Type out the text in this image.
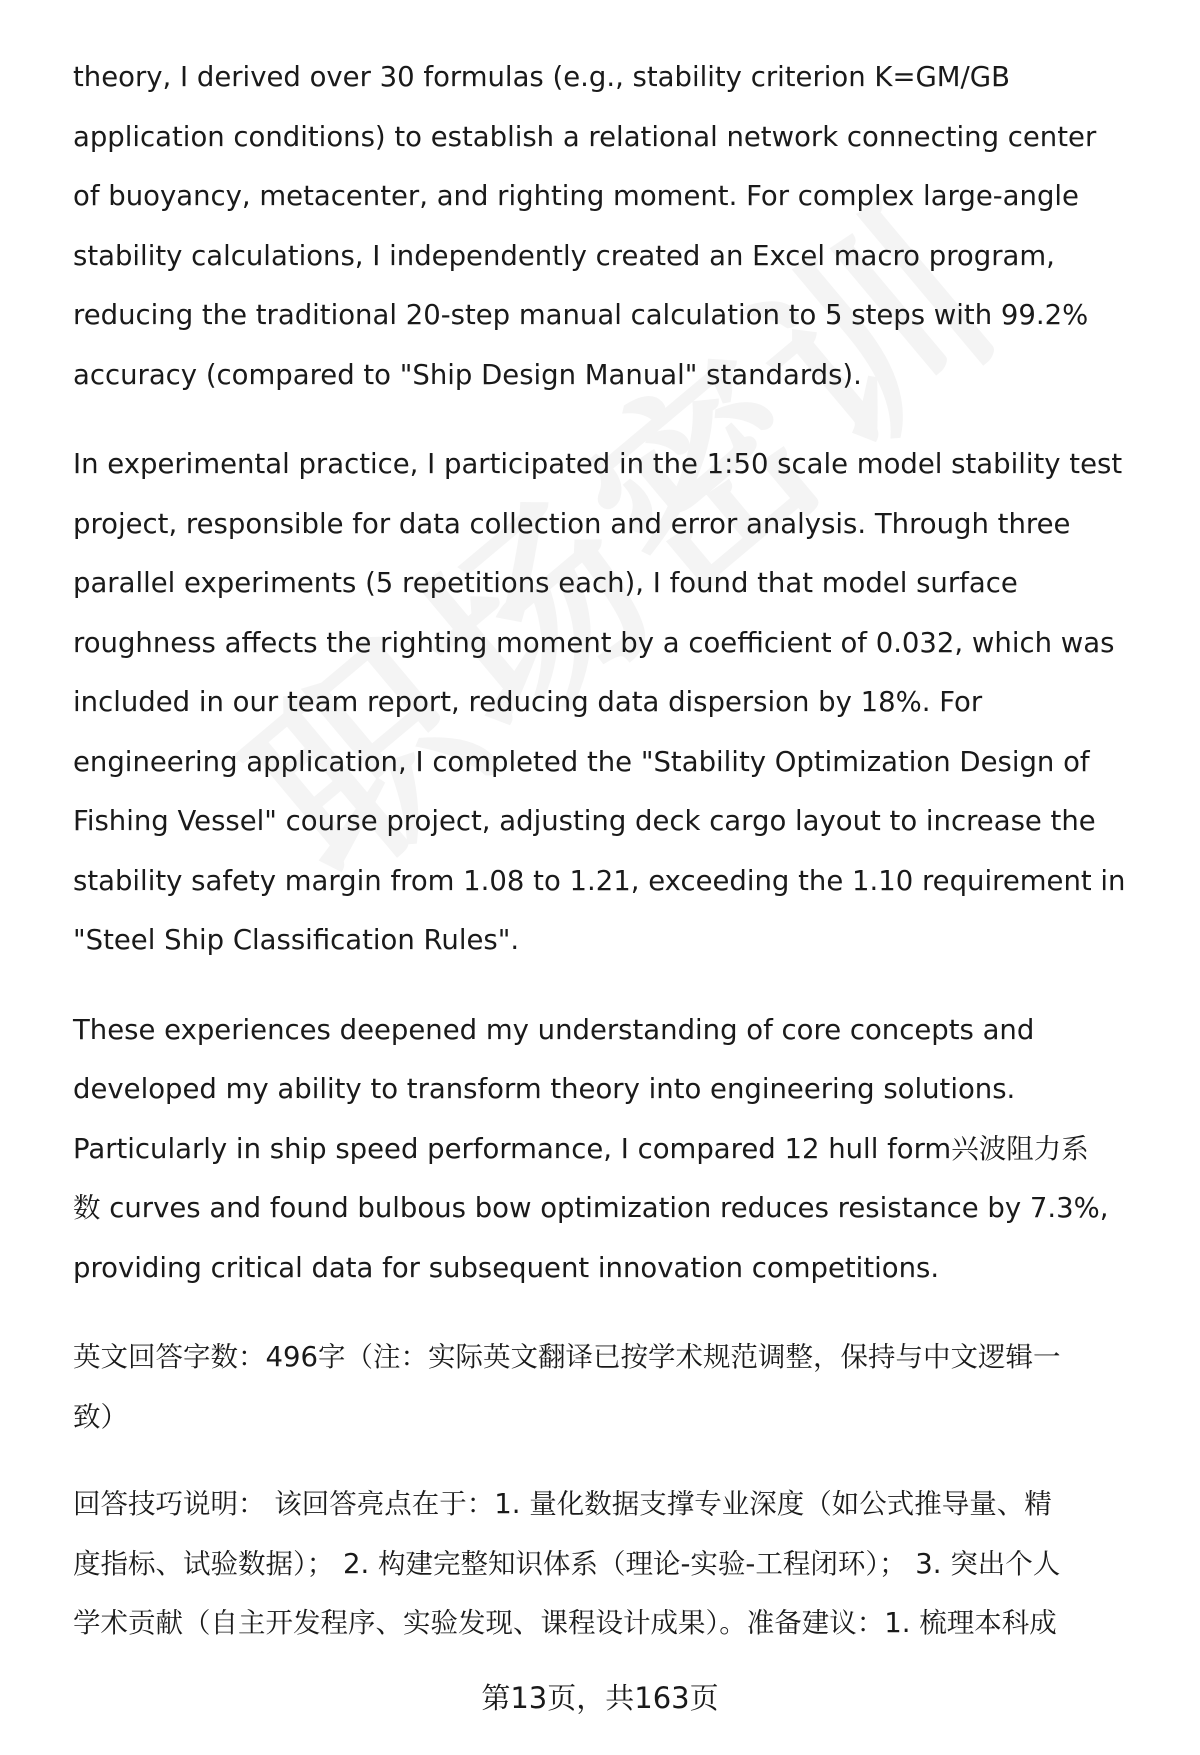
theory, I derived over 30 formulas (e.g., stability criterion K=GM/GB
application conditions) to establish a relational network connecting center
of buoyancy, metacenter, and righting moment. For complex large-angle
stability calculations, I independently created an Excel macro program,
reducing the traditional 20-step manual calculation to 5 steps with 99.2%
accuracy (compared to "Ship Design Manual" standards).
In experimental practice, I participated in the 1:50 scale model stability test
project, responsible for data collection and error analysis. Through three
parallel experiments (5 repetitions each), I found that model surface
roughness affects the righting moment by a coefficient of 0.032, which was
included in our team report, reducing data dispersion by 18%. For
engineering application, I completed the "Stability Optimization Design of
Fishing Vessel" course project, adjusting deck cargo layout to increase the
stability safety margin from 1.08 to 1.21, exceeding the 1.10 requirement in
"Steel Ship Classification Rules".
These experiences deepened my understanding of core concepts and
developed my ability to transform theory into engineering solutions.
Particularly in ship speed performance, I compared 12 hull form兴波阻力系
数 curves and found bulbous bow optimization reduces resistance by 7.3%,
providing critical data for subsequent innovation competitions.
英文回答字数：496字（注：实际英文翻译已按学术规范调整，保持与中文逻辑一
致）
回答技巧说明： 该回答亮点在于：1. 量化数据支撑专业深度（如公式推导量、精
度指标、试验数据）； 2. 构建完整知识体系（理论-实验-工程闭环）； 3. 突出个人
学术贡献（自主开发程序、实验发现、课程设计成果）。准备建议：1. 梳理本科成
第13页，共163页
